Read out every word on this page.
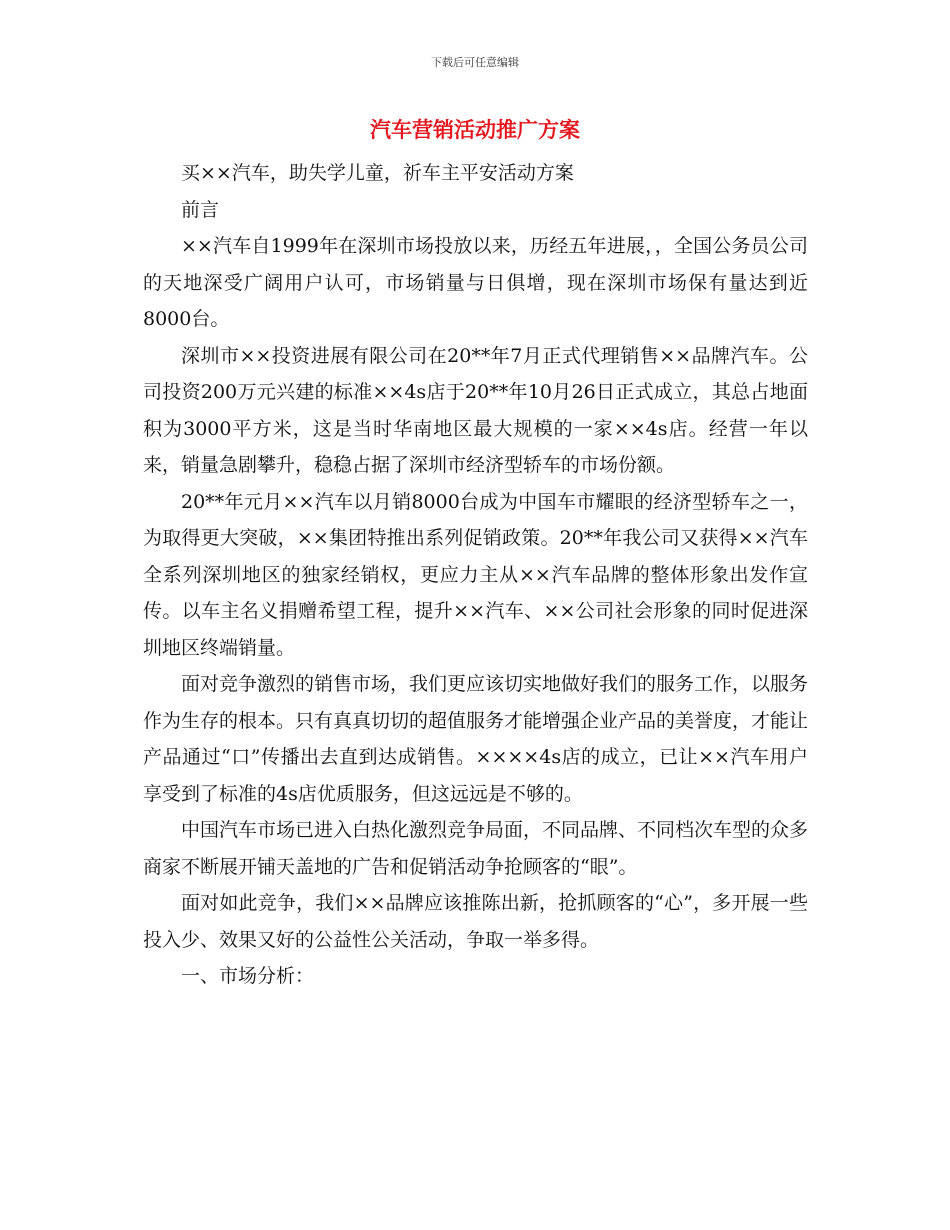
下载后可任意编辑
汽车营销活动推广方案

买××汽车，助失学儿童，祈车主平安活动方案

前言

××汽车自1999年在深圳市场投放以来，历经五年进展，，全国公务员公司的天地深受广阔用户认可，市场销量与日俱增，现在深圳市场保有量达到近8000台。

深圳市××投资进展有限公司在20**年7月正式代理销售××品牌汽车。公司投资200万元兴建的标准××4s店于20**年10月26日正式成立，其总占地面积为3000平方米，这是当时华南地区最大规模的一家××4s店。经营一年以来，销量急剧攀升，稳稳占据了深圳市经济型轿车的市场份额。

20**年元月××汽车以月销8000台成为中国车市耀眼的经济型轿车之一，为取得更大突破，××集团特推出系列促销政策。20**年我公司又获得××汽车全系列深圳地区的独家经销权，更应力主从××汽车品牌的整体形象出发作宣传。以车主名义捐赠希望工程，提升××汽车、××公司社会形象的同时促进深圳地区终端销量。

面对竞争激烈的销售市场，我们更应该切实地做好我们的服务工作，以服务作为生存的根本。只有真真切切的超值服务才能增强企业产品的美誉度，才能让产品通过“口”传播出去直到达成销售。××××4s店的成立，已让××汽车用户享受到了标准的4s店优质服务，但这远远是不够的。

中国汽车市场已进入白热化激烈竞争局面，不同品牌、不同档次车型的众多商家不断展开铺天盖地的广告和促销活动争抢顾客的“眼”。

面对如此竞争，我们××品牌应该推陈出新，抢抓顾客的“心”，多开展一些投入少、效果又好的公益性公关活动，争取一举多得。

一、市场分析：
